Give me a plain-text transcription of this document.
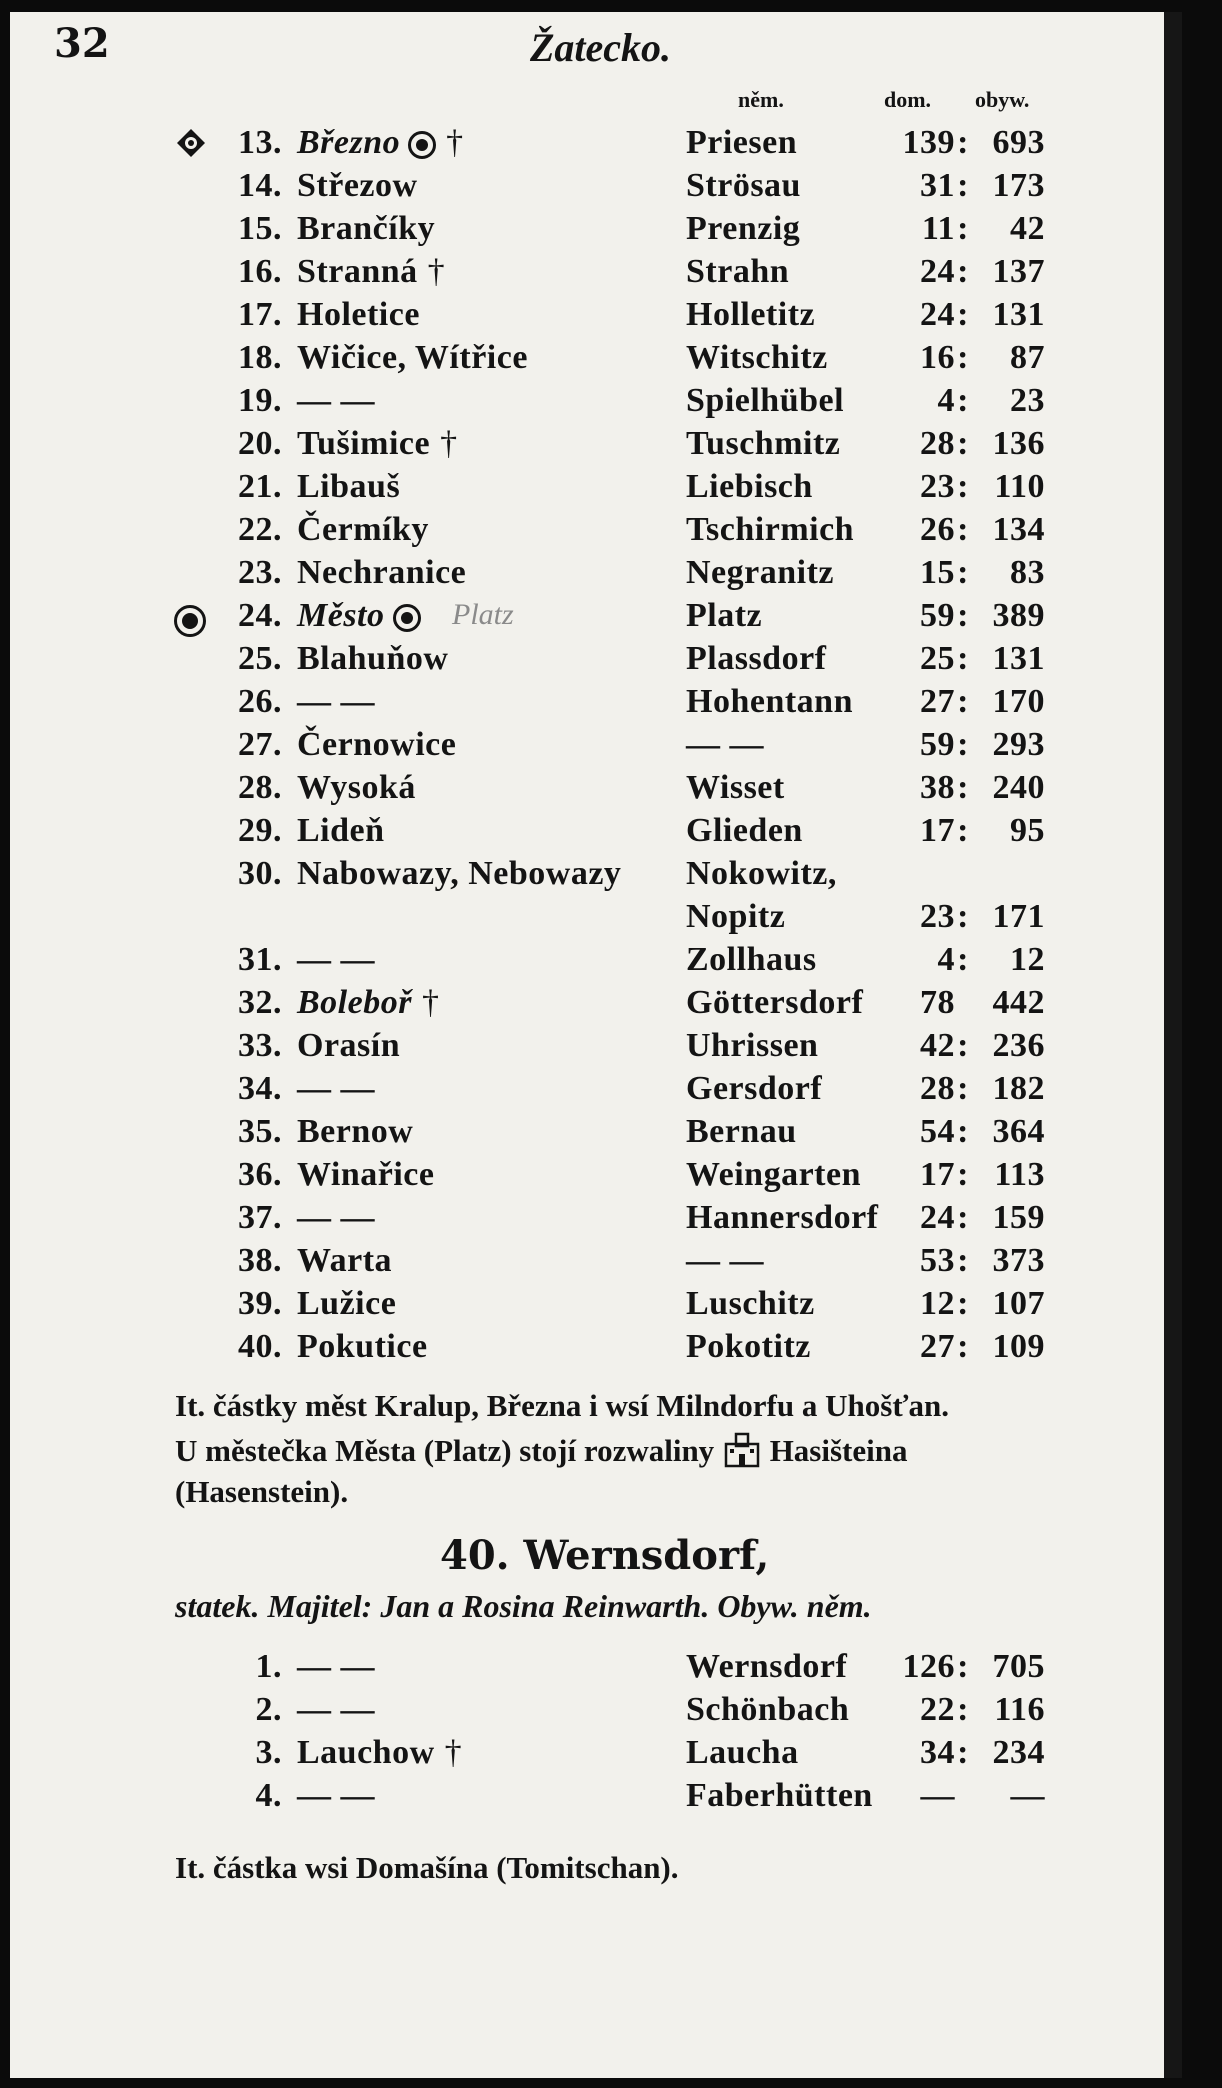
32	Žatecko.
něm.	dom. obyw.
13. Březno †	Priesen	139 : 693
14. Střezow	Strösau	31 : 173
15. Brančíky	Prenzig	11 :	42
16. Stranná †	Strahn	24 : 137
17. Holetice	Holletitz	24 : 131
18. Wičice, Wítřice	Witschitz	16 :	87
19. — —	Spielhübel	4 :	23
20. Tušimice †	Tuschmitz	28 : 136
21. Libauš	Liebisch	23 : 110
22. Čermíky	Tschirmich	26 : 134
23. Nechranice	Negranitz	15 :	83
24. Město	Platz	59 : 389
25. Blahuňow	Plassdorf	25 : 131
26. — —	Hohentann	27 : 170
27. Černowice	— —	59 : 293
28. Wysoká	Wisset	38 : 240
29. Lideň	Glieden	17 :	95
30. Nabowazy, Nebowazy Nokowitz,
Nopitz	23 : 171
31. — —	Zollhaus	4 :	12
32. Boleboř †	Göttersdorf	78	442
33. Orasín	Uhrissen	42 : 236
34. — —	Gersdorf	28 : 182
35. Bernow	Bernau	54 : 364
36. Winařice	Weingarten	17 : 113
37. — —	Hannersdorf	24 : 159
38. Warta	— —	53 : 373
39. Lužice	Luschitz	12 : 107
40. Pokutice	Pokotitz	27 : 109
Platz
It. částky měst Kralup, Března i wsí Milndorfu a Uhošťan.
U městečka Města (Platz) stojí rozwaliny Hasišteina
(Hasenstein).
40. Wernsdorf,
statek. Majitel: Jan a Rosina Reinwarth. Obyw. něm.
1. — —	Wernsdorf	126 : 705
2. — —	Schönbach	22 : 116
3. Lauchow †	Laucha	34 : 234
4. — —	Faberhütten	—	—
It. částka wsi Domašína (Tomitschan).
